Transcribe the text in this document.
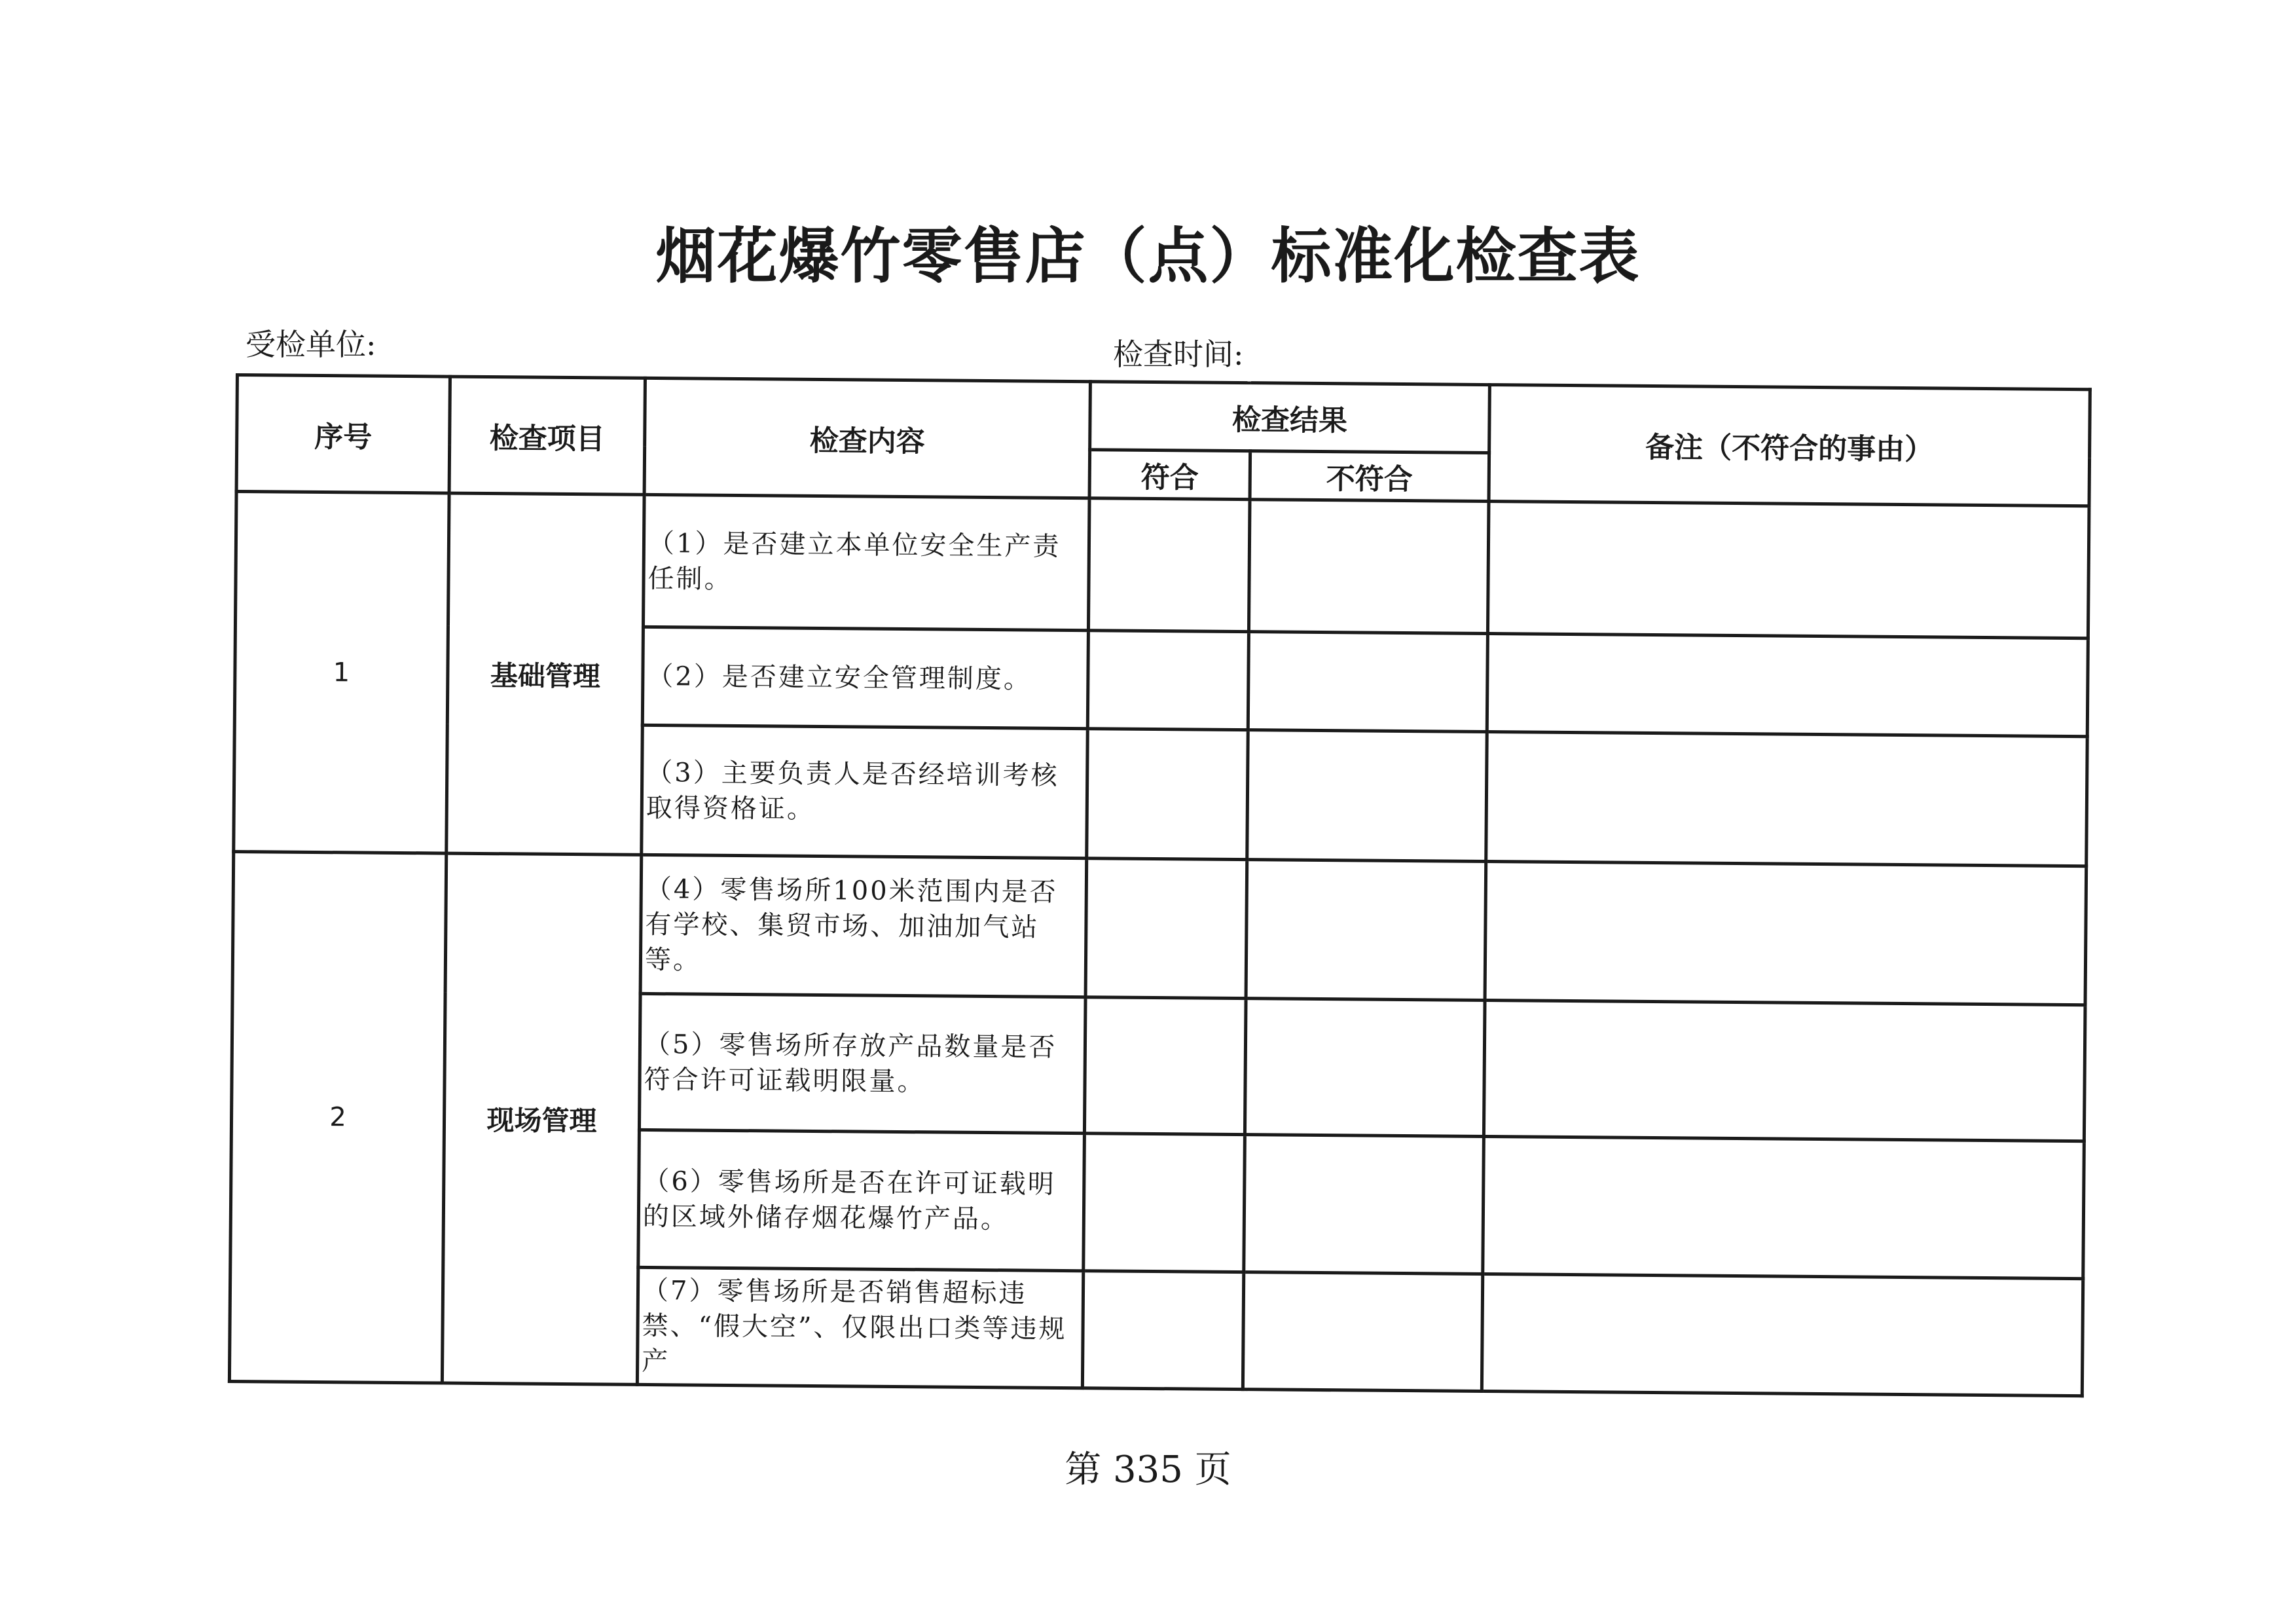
烟花爆竹零售店（点）标准化检查表
受检单位:	检查时间:
序号	检查项目	检查内容	检查结果		备注（不符合的事由）
			符合	不符合	
1	基础管理	（1）是否建立本单位安全生产责任制。			
		（2）是否建立安全管理制度。			
		（3）主要负责人是否经培训考核取得资格证。			
2	现场管理	（4）零售场所100米范围内是否有学校、集贸市场、加油加气站等。			
		（5）零售场所存放产品数量是否符合许可证载明限量。			
		（6）零售场所是否在许可证载明的区域外储存烟花爆竹产品。			
		（7）零售场所是否销售超标违禁、“假大空”、仅限出口类等违规产			
第 335 页
